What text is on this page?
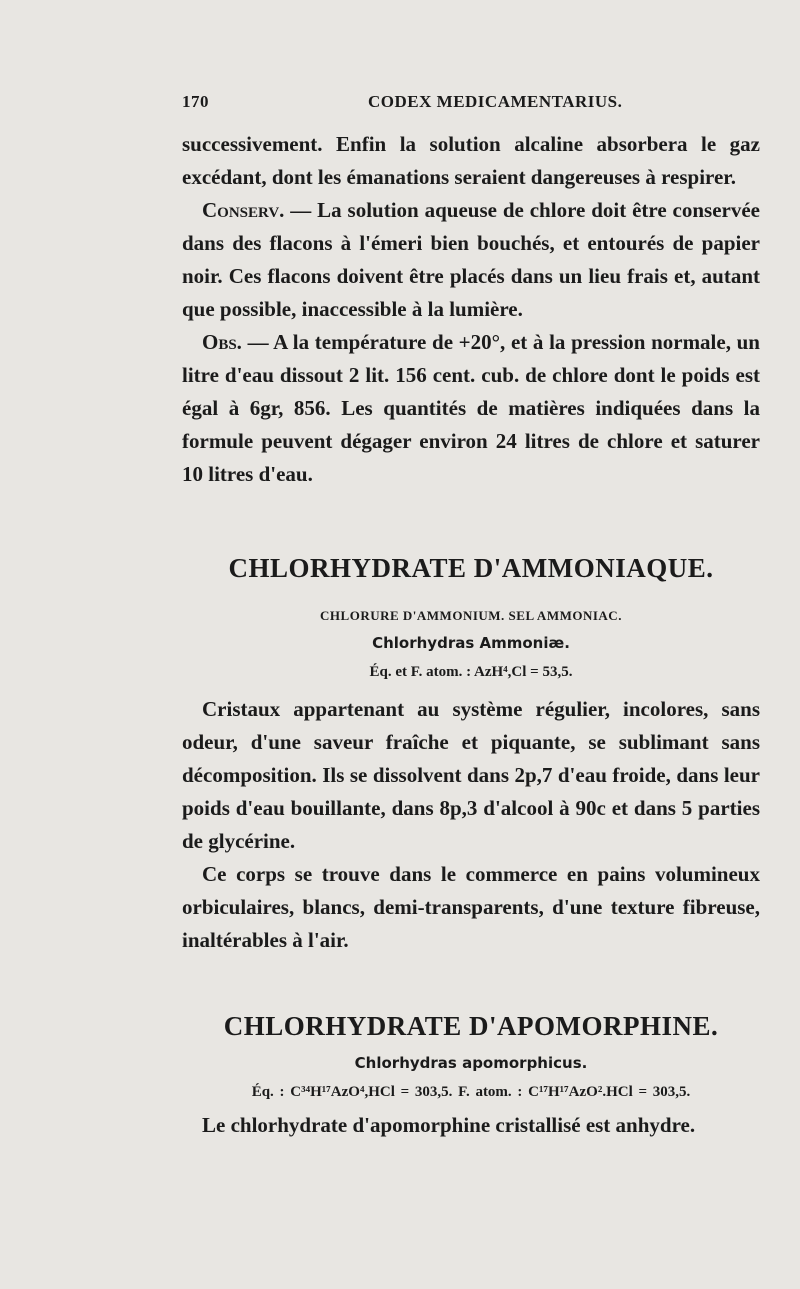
170	CODEX MEDICAMENTARIUS.

successivement. Enfin la solution alcaline absorbera le gaz excédant, dont les émanations seraient dangereuses à respirer.

Conserv. — La solution aqueuse de chlore doit être conservée dans des flacons à l'émeri bien bouchés, et entourés de papier noir. Ces flacons doivent être placés dans un lieu frais et, autant que possible, inaccessible à la lumière.

Obs. — A la température de +20°, et à la pression normale, un litre d'eau dissout 2 lit. 156 cent. cub. de chlore dont le poids est égal à 6gr, 856. Les quantités de matières indiquées dans la formule peuvent dégager environ 24 litres de chlore et saturer 10 litres d'eau.

CHLORHYDRATE D'AMMONIAQUE.
CHLORURE D'AMMONIUM. SEL AMMONIAC.
Chlorhydras Ammoniæ.
Éq. et F. atom. : AzH⁴,Cl = 53,5.

Cristaux appartenant au système régulier, incolores, sans odeur, d'une saveur fraîche et piquante, se sublimant sans décomposition. Ils se dissolvent dans 2p,7 d'eau froide, dans leur poids d'eau bouillante, dans 8p,3 d'alcool à 90c et dans 5 parties de glycérine.

Ce corps se trouve dans le commerce en pains volumineux orbiculaires, blancs, demi-transparents, d'une texture fibreuse, inaltérables à l'air.

CHLORHYDRATE D'APOMORPHINE.
Chlorhydras apomorphicus.
Éq. : C³⁴H¹⁷AzO⁴,HCl = 303,5. F. atom. : C¹⁷H¹⁷AzO².HCl = 303,5.

Le chlorhydrate d'apomorphine cristallisé est anhydre.
